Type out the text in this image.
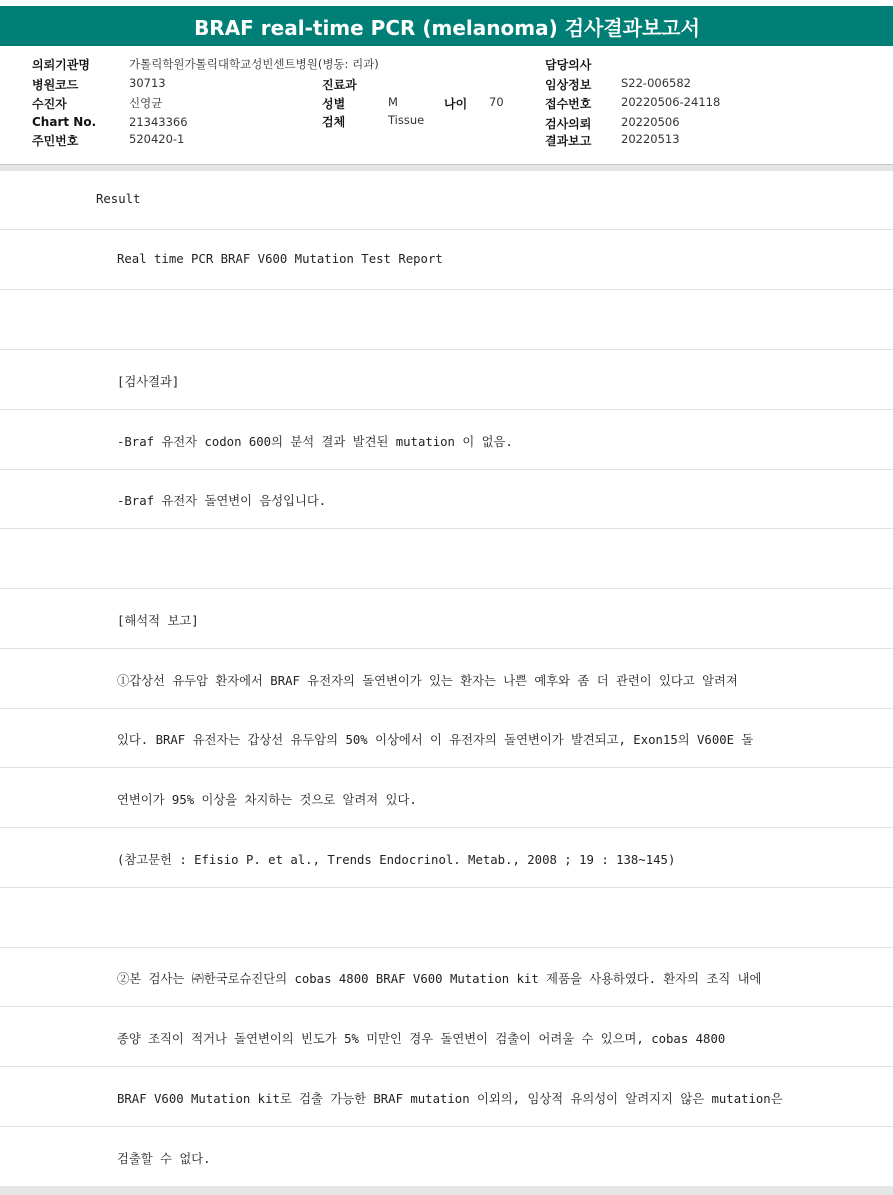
BRAF real-time PCR (melanoma) 검사결과보고서
의뢰기관명	가톨릭학원가톨릭대학교성빈센트병원(병동: 리과)
병원코드	30713
수진자	신영균
Chart No.	21343366
주민번호	520420-1
진료과
성별	M	나이 70
검체	Tissue
담당의사
임상정보	S22-006582
접수번호	20220506-24118
검사의뢰	20220506
결과보고	20220513
Result
Real time PCR BRAF V600 Mutation Test Report
[검사결과]
-Braf 유전자 codon 600의 분석 결과 발견된 mutation 이 없음.
-Braf 유전자 돌연변이 음성입니다.
[해석적 보고]
①갑상선 유두암 환자에서 BRAF 유전자의 돌연변이가 있는 환자는 나쁜 예후와 좀 더 관련이 있다고 알려져
있다. BRAF 유전자는 갑상선 유두암의 50% 이상에서 이 유전자의 돌연변이가 발견되고, Exon15의 V600E 돌
연변이가 95% 이상을 차지하는 것으로 알려져 있다.
(참고문헌 : Efisio P. et al., Trends Endocrinol. Metab., 2008 ; 19 : 138~145)
②본 검사는 ㈜한국로슈진단의 cobas 4800 BRAF V600 Mutation kit 제품을 사용하였다. 환자의 조직 내에
종양 조직이 적거나 돌연변이의 빈도가 5% 미만인 경우 돌연변이 검출이 어려울 수 있으며, cobas 4800
BRAF V600 Mutation kit로 검출 가능한 BRAF mutation 이외의, 임상적 유의성이 알려지지 않은 mutation은
검출할 수 없다.
